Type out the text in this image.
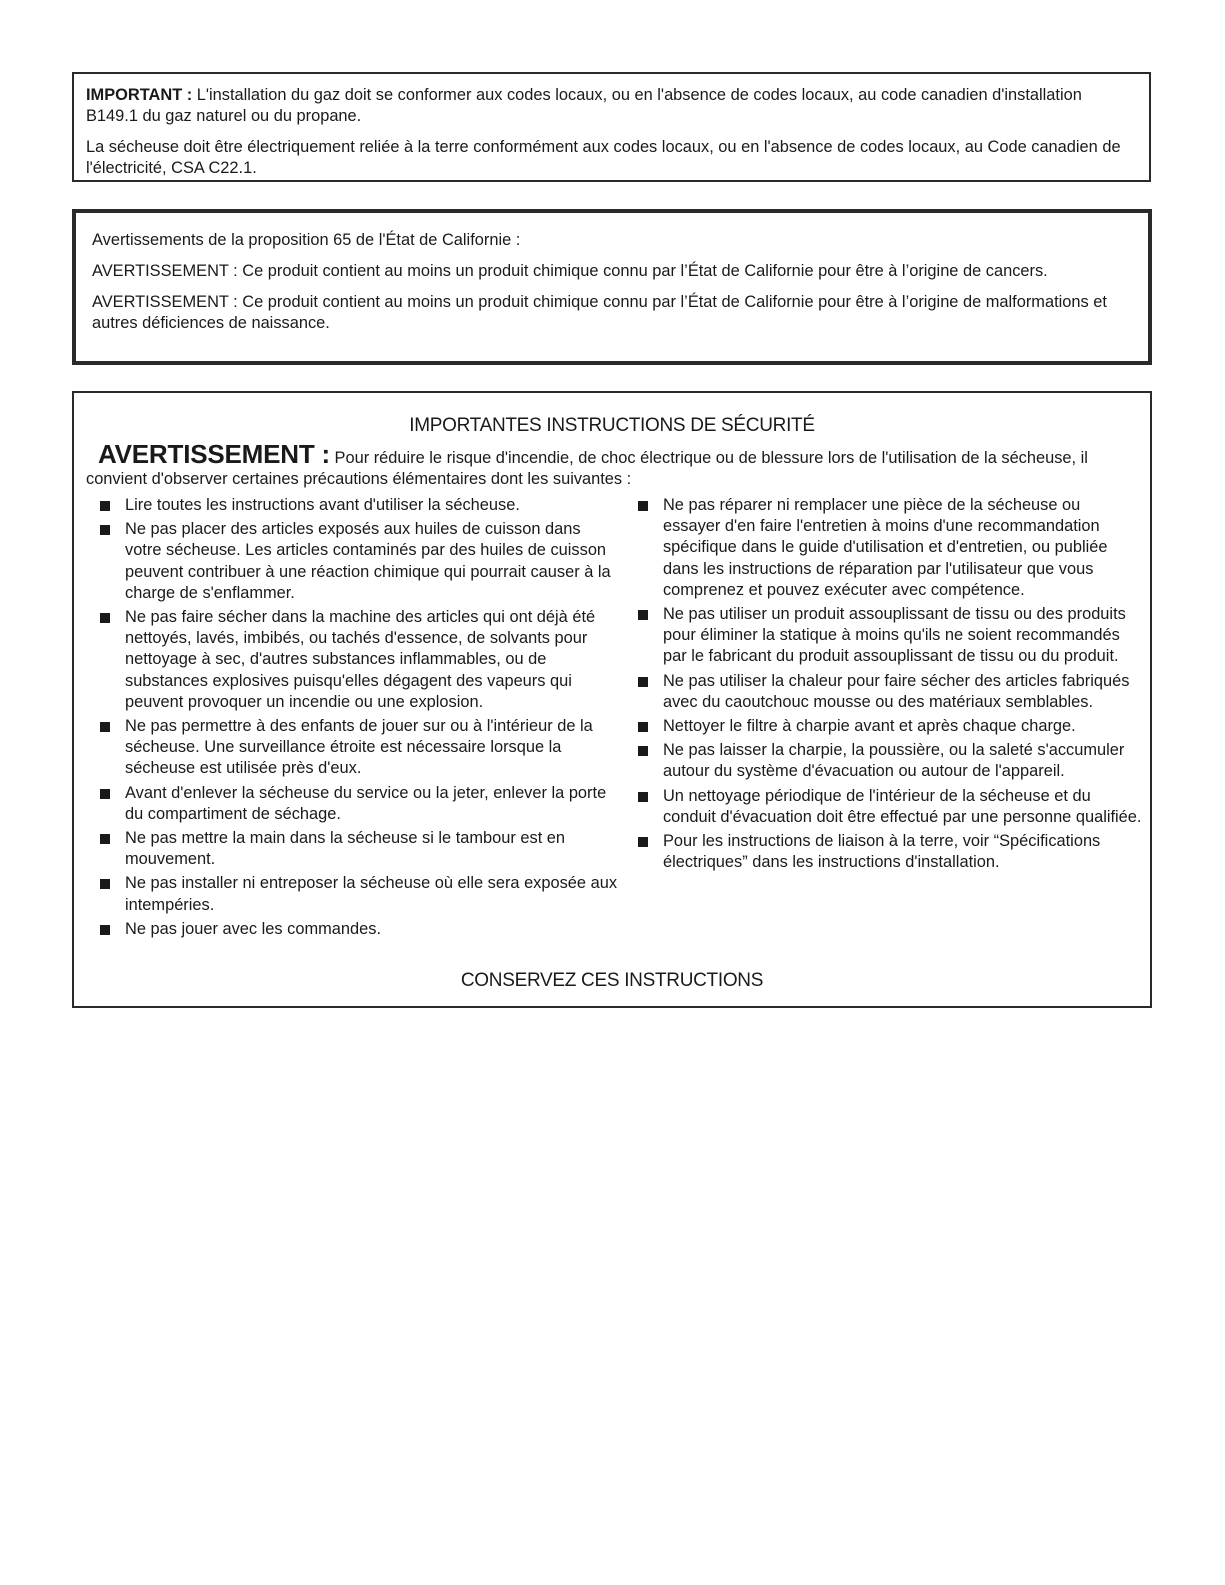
IMPORTANT : L'installation du gaz doit se conformer aux codes locaux, ou en l'absence de codes locaux, au code canadien d'installation B149.1 du gaz naturel ou du propane.

La sécheuse doit être électriquement reliée à la terre conformément aux codes locaux, ou en l'absence de codes locaux, au Code canadien de l'électricité, CSA C22.1.

Avertissements de la proposition 65 de l'État de Californie :

AVERTISSEMENT : Ce produit contient au moins un produit chimique connu par l’État de Californie pour être à l’origine de cancers.

AVERTISSEMENT : Ce produit contient au moins un produit chimique connu par l’État de Californie pour être à l’origine de malformations et autres déficiences de naissance.

IMPORTANTES INSTRUCTIONS DE SÉCURITÉ
AVERTISSEMENT : Pour réduire le risque d'incendie, de choc électrique ou de blessure lors de l'utilisation de la sécheuse, il convient d'observer certaines précautions élémentaires dont les suivantes :
Lire toutes les instructions avant d'utiliser la sécheuse.
Ne pas placer des articles exposés aux huiles de cuisson dans votre sécheuse. Les articles contaminés par des huiles de cuisson peuvent contribuer à une réaction chimique qui pourrait causer à la charge de s'enflammer.
Ne pas faire sécher dans la machine des articles qui ont déjà été nettoyés, lavés, imbibés, ou tachés d'essence, de solvants pour nettoyage à sec, d'autres substances inflammables, ou de substances explosives puisqu'elles dégagent des vapeurs qui peuvent provoquer un incendie ou une explosion.
Ne pas permettre à des enfants de jouer sur ou à l'intérieur de la sécheuse. Une surveillance étroite est nécessaire lorsque la sécheuse est utilisée près d'eux.
Avant d'enlever la sécheuse du service ou la jeter, enlever la porte du compartiment de séchage.
Ne pas mettre la main dans la sécheuse si le tambour est en mouvement.
Ne pas installer ni entreposer la sécheuse où elle sera exposée aux intempéries.
Ne pas jouer avec les commandes.
Ne pas réparer ni remplacer une pièce de la sécheuse ou essayer d'en faire l'entretien à moins d'une recommandation spécifique dans le guide d'utilisation et d'entretien, ou publiée dans les instructions de réparation par l'utilisateur que vous comprenez et pouvez exécuter avec compétence.
Ne pas utiliser un produit assouplissant de tissu ou des produits pour éliminer la statique à moins qu'ils ne soient recommandés par le fabricant du produit assouplissant de tissu ou du produit.
Ne pas utiliser la chaleur pour faire sécher des articles fabriqués avec du caoutchouc mousse ou des matériaux semblables.
Nettoyer le filtre à charpie avant et après chaque charge.
Ne pas laisser la charpie, la poussière, ou la saleté s'accumuler autour du système d'évacuation ou autour de l'appareil.
Un nettoyage périodique de l'intérieur de la sécheuse et du conduit d'évacuation doit être effectué par une personne qualifiée.
Pour les instructions de liaison à la terre, voir “Spécifications électriques” dans les instructions d'installation.
CONSERVEZ CES INSTRUCTIONS
